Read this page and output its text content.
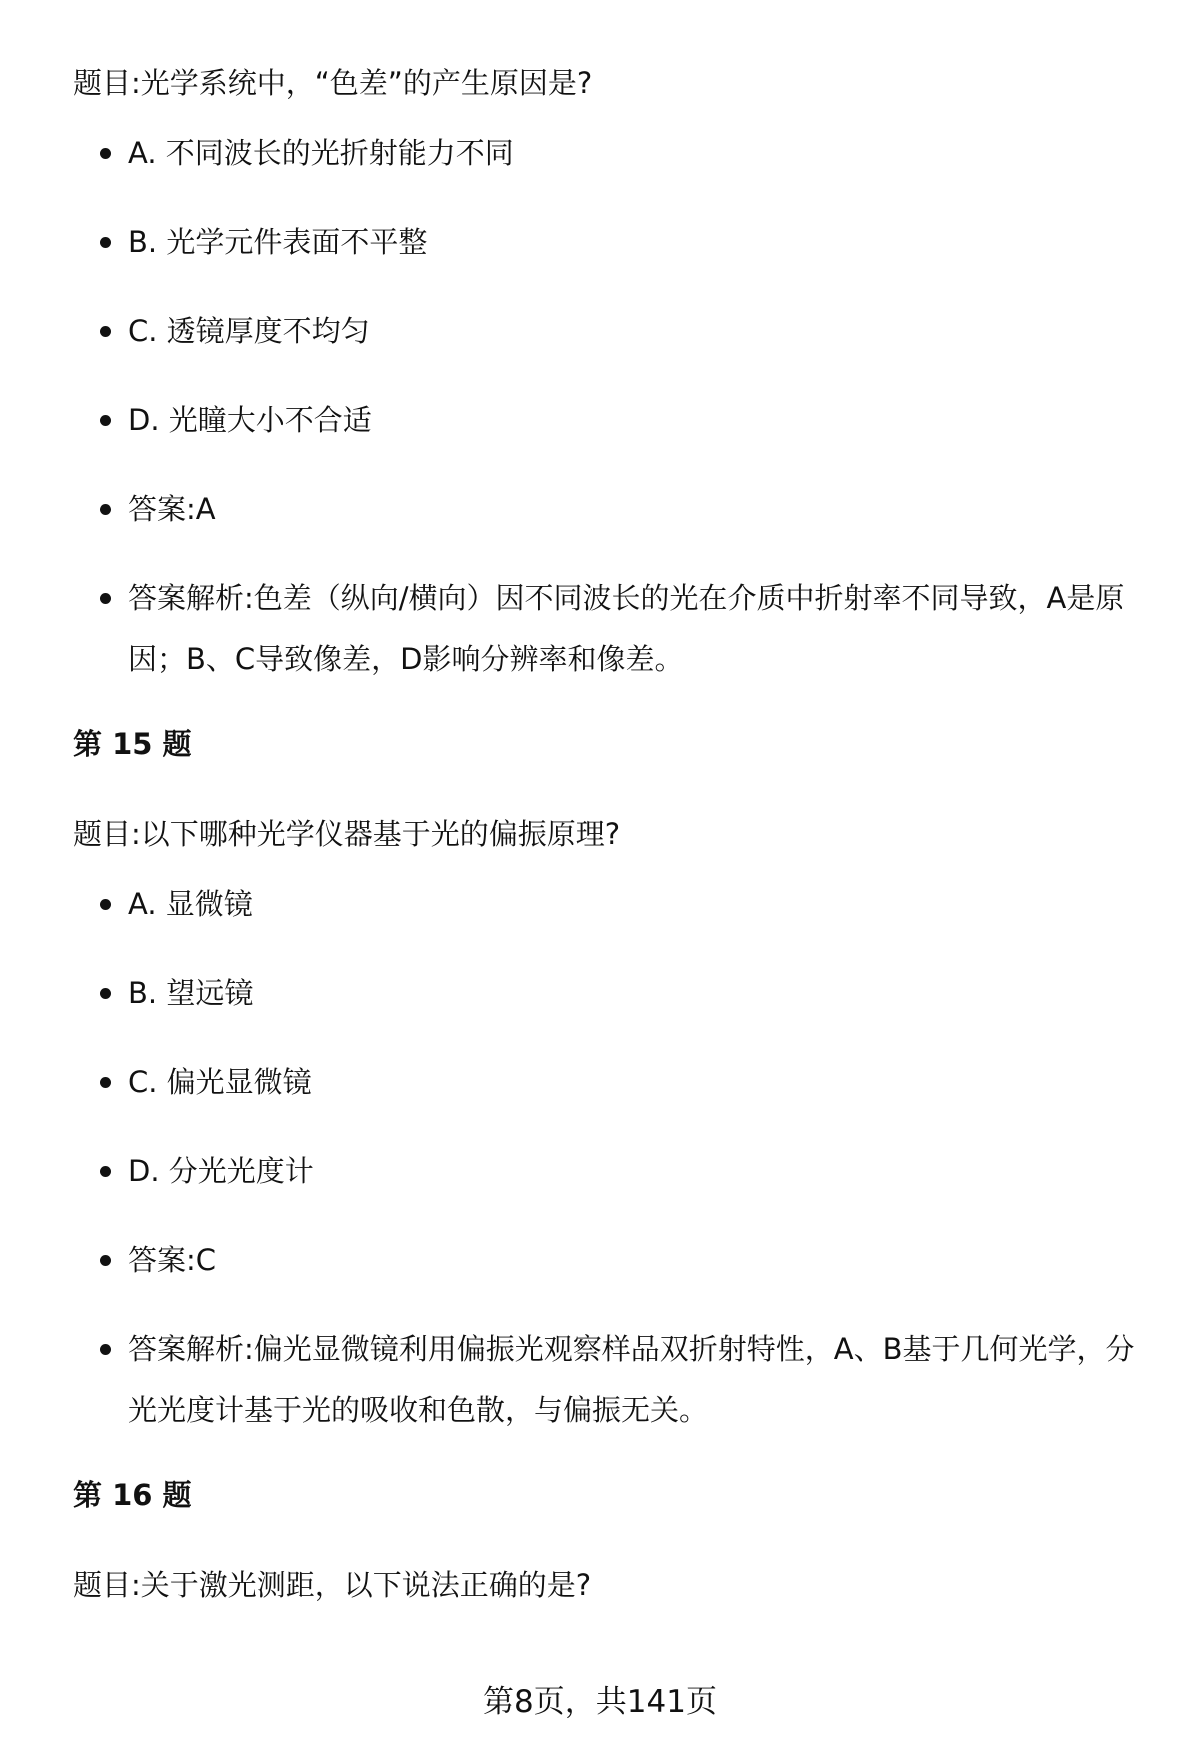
题目:光学系统中，“色差”的产生原因是?

A. 不同波长的光折射能力不同
B. 光学元件表面不平整
C. 透镜厚度不均匀
D. 光瞳大小不合适
答案:A
答案解析:色差（纵向/横向）因不同波长的光在介质中折射率不同导致，A是原因；B、C导致像差，D影响分辨率和像差。

第 15 题

题目:以下哪种光学仪器基于光的偏振原理?

A. 显微镜
B. 望远镜
C. 偏光显微镜
D. 分光光度计
答案:C
答案解析:偏光显微镜利用偏振光观察样品双折射特性，A、B基于几何光学，分光光度计基于光的吸收和色散，与偏振无关。

第 16 题

题目:关于激光测距，以下说法正确的是?

第8页，共141页
